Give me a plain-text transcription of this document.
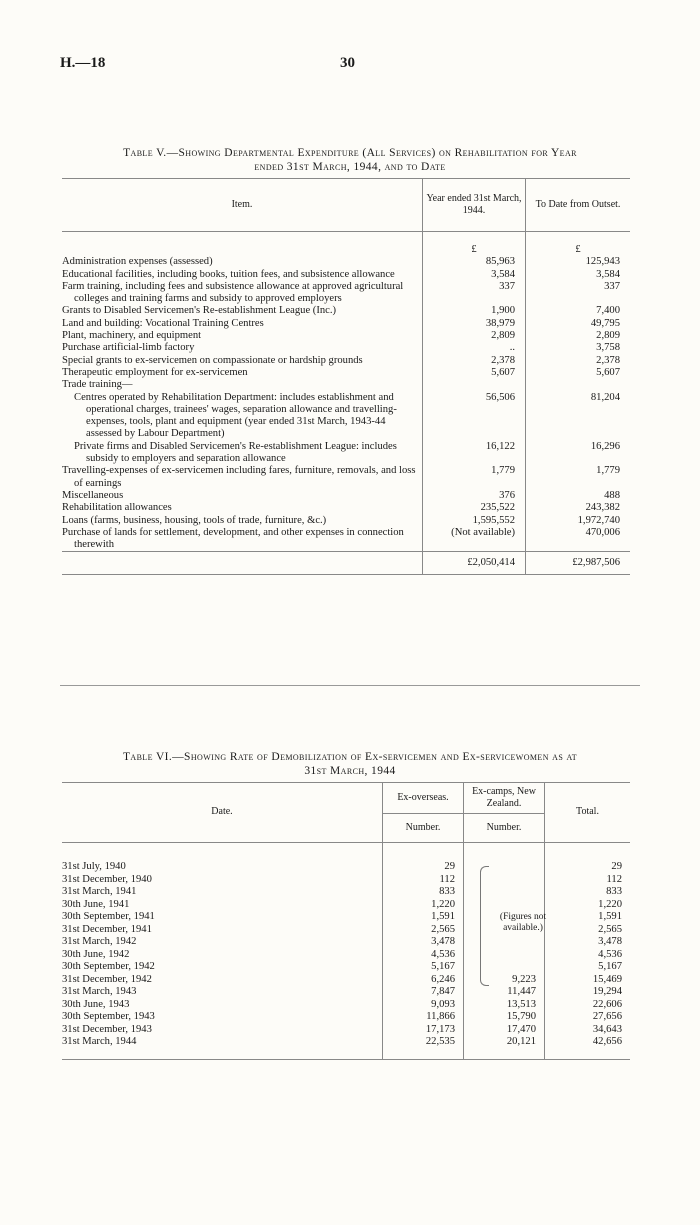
H.—18	30
Table V.—Showing Departmental Expenditure (All Services) on Rehabilitation for Year
ended 31st March, 1944, and to Date
Item.	Year ended 31st March, 1944.	To Date from Outset.
	£	£
Administration expenses (assessed)	85,963	125,943
Educational facilities, including books, tuition fees, and subsistence allowance	3,584	3,584
Farm training, including fees and subsistence allowance at approved agricultural colleges and training farms and subsidy to approved employers	337	337
Grants to Disabled Servicemen's Re-establishment League (Inc.)	1,900	7,400
Land and building: Vocational Training Centres	38,979	49,795
Plant, machinery, and equipment	2,809	2,809
Purchase artificial-limb factory	..	3,758
Special grants to ex-servicemen on compassionate or hardship grounds	2,378	2,378
Therapeutic employment for ex-servicemen	5,607	5,607
Trade training—		
Centres operated by Rehabilitation Department: includes establishment and operational charges, trainees' wages, separation allowance and travelling-expenses, tools, plant and equipment (year ended 31st March, 1943-44 assessed by Labour Department)	56,506	81,204
Private firms and Disabled Servicemen's Re-establishment League: includes subsidy to employers and separation allowance	16,122	16,296
Travelling-expenses of ex-servicemen including fares, furniture, removals, and loss of earnings	1,779	1,779
Miscellaneous	376	488
Rehabilitation allowances	235,522	243,382
Loans (farms, business, housing, tools of trade, furniture, &c.)	1,595,552	1,972,740
Purchase of lands for settlement, development, and other expenses in connection therewith	(Not available)	470,006
	£2,050,414	£2,987,506
Table VI.—Showing Rate of Demobilization of Ex-servicemen and Ex-servicewomen as at
31st March, 1944
Date.	Ex-overseas.	Ex-camps, New Zealand.	Total.
	Number.	Number.	

31st July, 1940	29		29
31st December, 1940	112		112
31st March, 1941	833		833
30th June, 1941	1,220		1,220
30th September, 1941	1,591		1,591
31st December, 1941	2,565		2,565
31st March, 1942	3,478		3,478
30th June, 1942	4,536		4,536
30th September, 1942	5,167		5,167
31st December, 1942	6,246	9,223	15,469
31st March, 1943	7,847	11,447	19,294
30th June, 1943	9,093	13,513	22,606
30th September, 1943	11,866	15,790	27,656
31st December, 1943	17,173	17,470	34,643
31st March, 1944	22,535	20,121	42,656

(Figures not available.)
